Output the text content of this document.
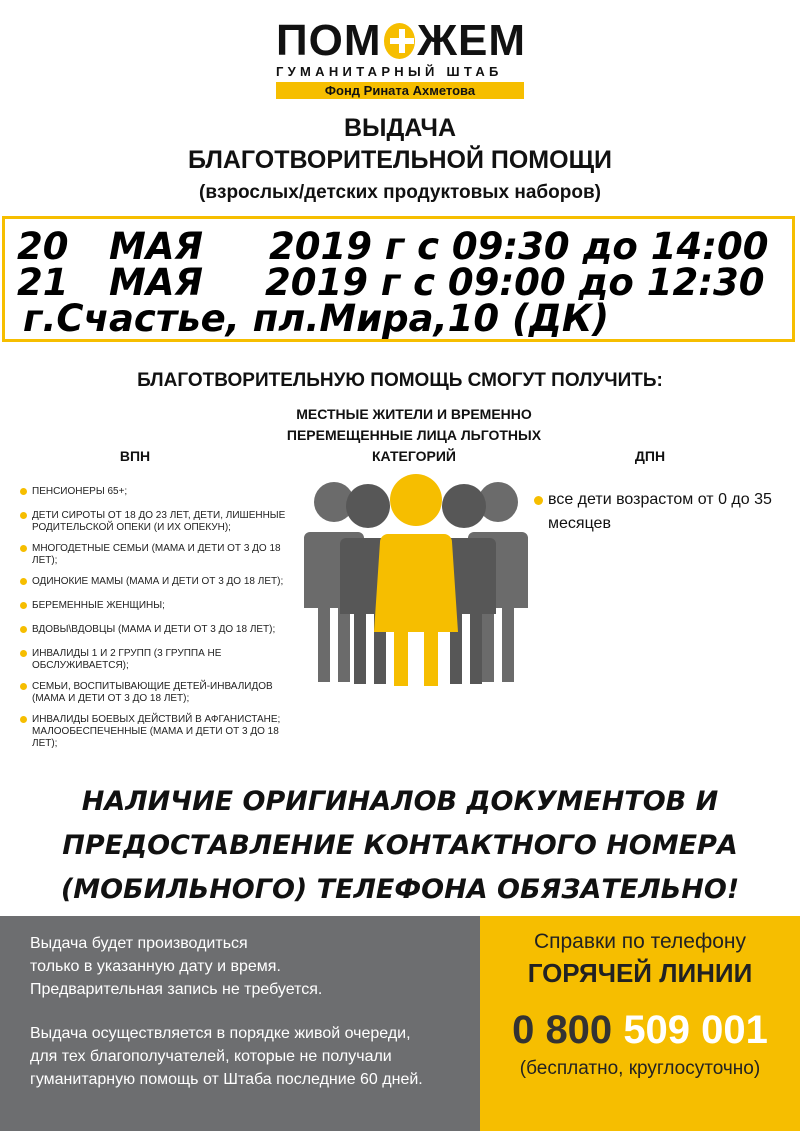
ПОМ ЖЕМ
ГУМАНИТАРНЫЙ ШТАБ
Фонд Рината Ахметова
ВЫДАЧА
БЛАГОТВОРИТЕЛЬНОЙ ПОМОЩИ
(взрослых/детских продуктовых наборов)
20 МАЯ 2019 г с 09:30 до 14:00
21 МАЯ 2019 г с 09:00 до 12:30
г.Счастье, пл.Мира,10 (ДК)
БЛАГОТВОРИТЕЛЬНУЮ ПОМОЩЬ СМОГУТ ПОЛУЧИТЬ:
ВПН
МЕСТНЫЕ ЖИТЕЛИ И ВРЕМЕННО ПЕРЕМЕЩЕННЫЕ ЛИЦА ЛЬГОТНЫХ КАТЕГОРИЙ	ДПН
ПЕНСИОНЕРЫ 65+;
ДЕТИ СИРОТЫ ОТ 18 ДО 23 ЛЕТ, ДЕТИ, ЛИШЕННЫЕ РОДИТЕЛЬСКОЙ ОПЕКИ (И ИХ ОПЕКУН);
МНОГОДЕТНЫЕ СЕМЬИ (МАМА И ДЕТИ ОТ 3 ДО 18 ЛЕТ);
ОДИНОКИЕ МАМЫ (МАМА И ДЕТИ ОТ 3 ДО 18 ЛЕТ);
БЕРЕМЕННЫЕ ЖЕНЩИНЫ;
ВДОВЫ\ВДОВЦЫ (МАМА И ДЕТИ ОТ 3 ДО 18 ЛЕТ);
ИНВАЛИДЫ 1 И 2 ГРУПП (3 ГРУППА НЕ ОБСЛУЖИВАЕТСЯ);
СЕМЬИ, ВОСПИТЫВАЮЩИЕ ДЕТЕЙ-ИНВАЛИДОВ (МАМА И ДЕТИ ОТ 3 ДО 18 ЛЕТ);
ИНВАЛИДЫ БОЕВЫХ ДЕЙСТВИЙ В АФГАНИСТАНЕ; МАЛООБЕСПЕЧЕННЫЕ (МАМА И ДЕТИ ОТ 3 ДО 18 ЛЕТ);
все дети возрастом от 0 до 35 месяцев
НАЛИЧИЕ ОРИГИНАЛОВ ДОКУМЕНТОВ И
ПРЕДОСТАВЛЕНИЕ КОНТАКТНОГО НОМЕРА
(МОБИЛЬНОГО) ТЕЛЕФОНА ОБЯЗАТЕЛЬНО!
Выдача будет производиться
только в указанную дату и время.
Предварительная запись не требуется.
Выдача осуществляется в порядке живой очереди,
для тех благополучателей, которые не получали
гуманитарную помощь от Штаба последние 60 дней.
Справки по телефону
ГОРЯЧЕЙ ЛИНИИ
0 800 509 001
(бесплатно, круглосуточно)
